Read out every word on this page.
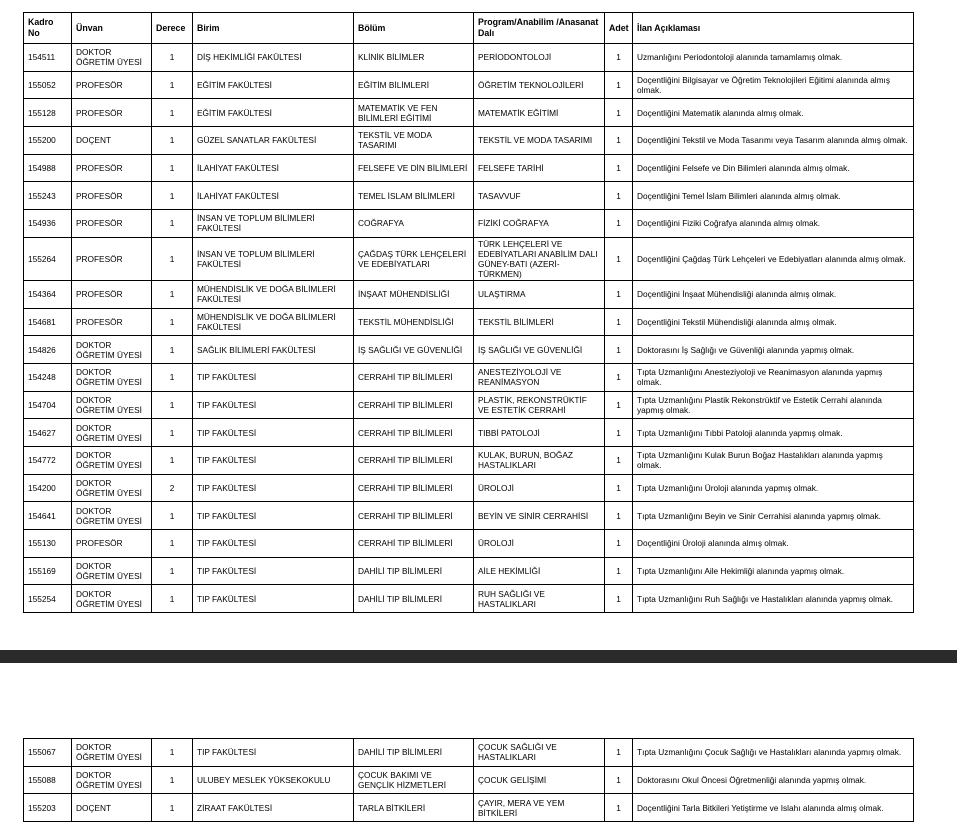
Kadro No	Ünvan	Derece	Birim	Bölüm	Program/Anabilim /Anasanat Dalı	Adet	İlan Açıklaması
154511	DOKTOR ÖĞRETİM ÜYESİ	1	DİŞ HEKİMLİĞİ FAKÜLTESİ	KLİNİK BİLİMLER	PERİODONTOLOJİ	1	Uzmanlığını Periodontoloji alanında tamamlamış olmak.
155052	PROFESÖR	1	EĞİTİM FAKÜLTESİ	EĞİTİM BİLİMLERİ	ÖĞRETİM TEKNOLOJİLERİ	1	Doçentliğini Bilgisayar ve Öğretim Teknolojileri Eğitimi alanında almış olmak.
155128	PROFESÖR	1	EĞİTİM FAKÜLTESİ	MATEMATİK VE FEN BİLİMLERİ EĞİTİMİ	MATEMATİK EĞİTİMİ	1	Doçentliğini Matematik alanında almış olmak.
155200	DOÇENT	1	GÜZEL SANATLAR FAKÜLTESİ	TEKSTİL VE MODA TASARIMI	TEKSTİL VE MODA TASARIMI	1	Doçentliğini Tekstil ve Moda Tasarımı veya Tasarım alanında almış olmak.
154988	PROFESÖR	1	İLAHİYAT FAKÜLTESİ	FELSEFE VE DİN BİLİMLERİ	FELSEFE TARİHİ	1	Doçentliğini Felsefe ve Din Bilimleri alanında almış olmak.
155243	PROFESÖR	1	İLAHİYAT FAKÜLTESİ	TEMEL İSLAM BİLİMLERİ	TASAVVUF	1	Doçentliğini Temel İslam Bilimleri alanında almış olmak.
154936	PROFESÖR	1	İNSAN VE TOPLUM BİLİMLERİ FAKÜLTESİ	COĞRAFYA	FİZİKİ COĞRAFYA	1	Doçentliğini Fiziki Coğrafya alanında almış olmak.
155264	PROFESÖR	1	İNSAN VE TOPLUM BİLİMLERİ FAKÜLTESİ	ÇAĞDAŞ TÜRK LEHÇELERİ VE EDEBİYATLARI	TÜRK LEHÇELERİ VE EDEBİYATLARI ANABİLİM DALI GÜNEY-BATI (AZERİ-TÜRKMEN)	1	Doçentliğini Çağdaş Türk Lehçeleri ve Edebiyatları alanında almış olmak.
154364	PROFESÖR	1	MÜHENDİSLİK VE DOĞA BİLİMLERİ FAKÜLTESİ	İNŞAAT MÜHENDİSLİĞİ	ULAŞTIRMA	1	Doçentliğini İnşaat Mühendisliği alanında almış olmak.
154681	PROFESÖR	1	MÜHENDİSLİK VE DOĞA BİLİMLERİ FAKÜLTESİ	TEKSTİL MÜHENDİSLİĞİ	TEKSTİL BİLİMLERİ	1	Doçentliğini Tekstil Mühendisliği alanında almış olmak.
154826	DOKTOR ÖĞRETİM ÜYESİ	1	SAĞLIK BİLİMLERİ FAKÜLTESİ	İŞ SAĞLIĞI VE GÜVENLİĞİ	İŞ SAĞLIĞI VE GÜVENLİĞİ	1	Doktorasını İş Sağlığı ve Güvenliği alanında yapmış olmak.
154248	DOKTOR ÖĞRETİM ÜYESİ	1	TIP FAKÜLTESİ	CERRAHİ TIP BİLİMLERİ	ANESTEZİYOLOJİ VE REANİMASYON	1	Tıpta Uzmanlığını Anesteziyoloji ve Reanimasyon alanında yapmış olmak.
154704	DOKTOR ÖĞRETİM ÜYESİ	1	TIP FAKÜLTESİ	CERRAHİ TIP BİLİMLERİ	PLASTİK, REKONSTRÜKTİF VE ESTETİK CERRAHİ	1	Tıpta Uzmanlığını Plastik Rekonstrüktif ve Estetik Cerrahi alanında yapmış olmak.
154627	DOKTOR ÖĞRETİM ÜYESİ	1	TIP FAKÜLTESİ	CERRAHİ TIP BİLİMLERİ	TIBBİ PATOLOJİ	1	Tıpta Uzmanlığını Tıbbi Patoloji alanında yapmış olmak.
154772	DOKTOR ÖĞRETİM ÜYESİ	1	TIP FAKÜLTESİ	CERRAHİ TIP BİLİMLERİ	KULAK, BURUN, BOĞAZ HASTALIKLARI	1	Tıpta Uzmanlığını Kulak Burun Boğaz Hastalıkları alanında yapmış olmak.
154200	DOKTOR ÖĞRETİM ÜYESİ	2	TIP FAKÜLTESİ	CERRAHİ TIP BİLİMLERİ	ÜROLOJİ	1	Tıpta Uzmanlığını Üroloji alanında yapmış olmak.
154641	DOKTOR ÖĞRETİM ÜYESİ	1	TIP FAKÜLTESİ	CERRAHİ TIP BİLİMLERİ	BEYİN VE SİNİR CERRAHİSİ	1	Tıpta Uzmanlığını Beyin ve Sinir Cerrahisi alanında yapmış olmak.
155130	PROFESÖR	1	TIP FAKÜLTESİ	CERRAHİ TIP BİLİMLERİ	ÜROLOJİ	1	Doçentliğini Üroloji alanında almış olmak.
155169	DOKTOR ÖĞRETİM ÜYESİ	1	TIP FAKÜLTESİ	DAHİLİ TIP BİLİMLERİ	AİLE HEKİMLİĞİ	1	Tıpta Uzmanlığını Aile Hekimliği alanında yapmış olmak.
155254	DOKTOR ÖĞRETİM ÜYESİ	1	TIP FAKÜLTESİ	DAHİLİ TIP BİLİMLERİ	RUH SAĞLIĞI VE HASTALIKLARI	1	Tıpta Uzmanlığını Ruh Sağlığı ve Hastalıkları alanında yapmış olmak.
155067	DOKTOR ÖĞRETİM ÜYESİ	1	TIP FAKÜLTESİ	DAHİLİ TIP BİLİMLERİ	ÇOCUK SAĞLIĞI VE HASTALIKLARI	1	Tıpta Uzmanlığını Çocuk Sağlığı ve Hastalıkları alanında yapmış olmak.
155088	DOKTOR ÖĞRETİM ÜYESİ	1	ULUBEY MESLEK YÜKSEKOKULU	ÇOCUK BAKIMI VE GENÇLİK HİZMETLERİ	ÇOCUK GELİŞİMİ	1	Doktorasını Okul Öncesi Öğretmenliği alanında yapmış olmak.
155203	DOÇENT	1	ZİRAAT FAKÜLTESİ	TARLA BİTKİLERİ	ÇAYIR, MERA VE YEM BİTKİLERİ	1	Doçentliğini Tarla Bitkileri Yetiştirme ve Islahı alanında almış olmak.
